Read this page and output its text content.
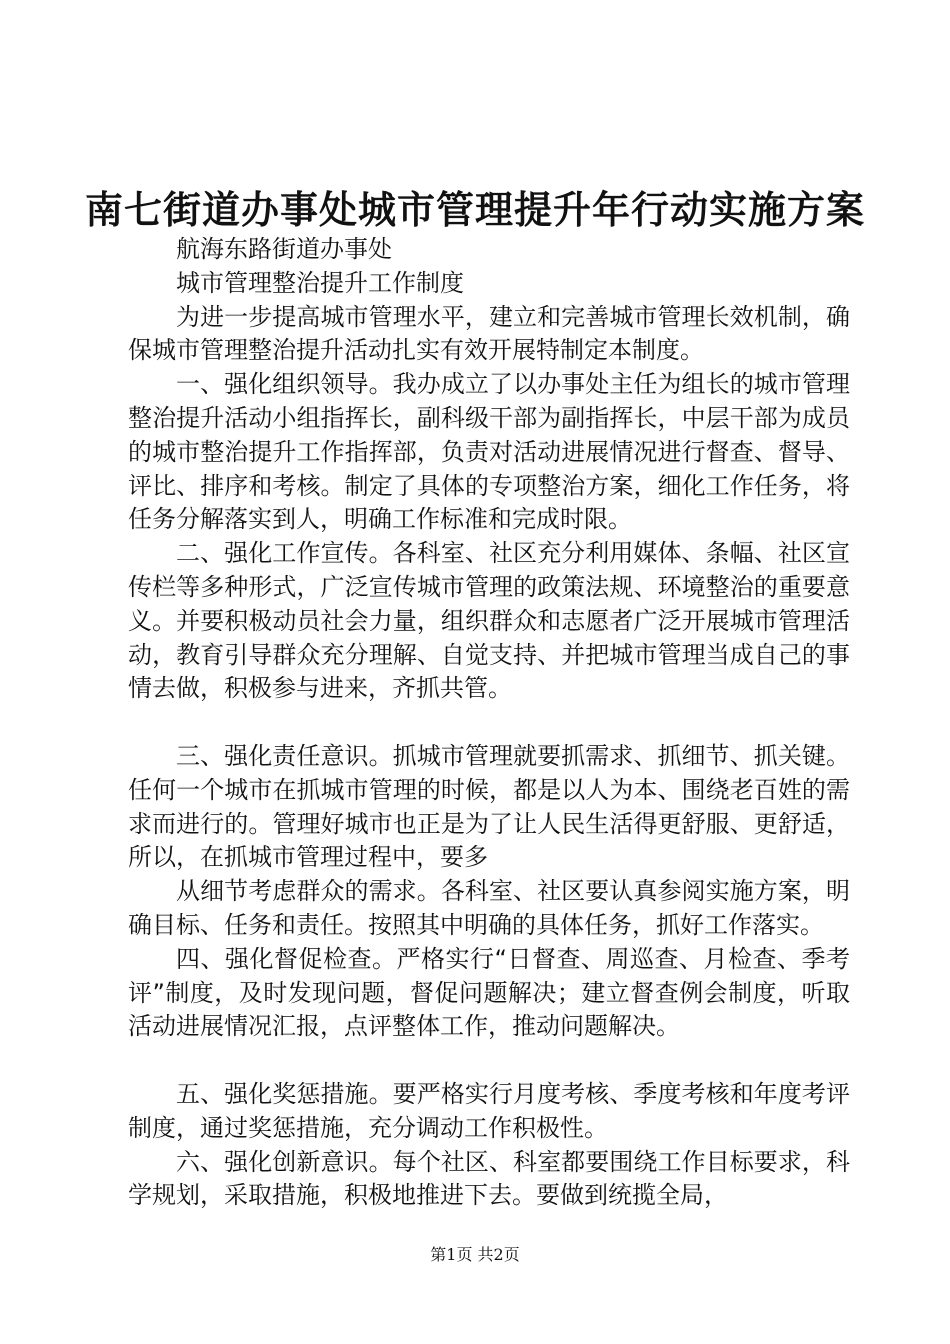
南七街道办事处城市管理提升年行动实施方案

航海东路街道办事处

城市管理整治提升工作制度

为进一步提高城市管理水平，建立和完善城市管理长效机制，确保城市管理整治提升活动扎实有效开展特制定本制度。

一、强化组织领导。我办成立了以办事处主任为组长的城市管理整治提升活动小组指挥长，副科级干部为副指挥长，中层干部为成员的城市整治提升工作指挥部，负责对活动进展情况进行督查、督导、评比、排序和考核。制定了具体的专项整治方案，细化工作任务，将任务分解落实到人，明确工作标准和完成时限。

二、强化工作宣传。各科室、社区充分利用媒体、条幅、社区宣传栏等多种形式，广泛宣传城市管理的政策法规、环境整治的重要意义。并要积极动员社会力量，组织群众和志愿者广泛开展城市管理活动，教育引导群众充分理解、自觉支持、并把城市管理当成自己的事情去做，积极参与进来，齐抓共管。

三、强化责任意识。抓城市管理就要抓需求、抓细节、抓关键。任何一个城市在抓城市管理的时候，都是以人为本、围绕老百姓的需求而进行的。管理好城市也正是为了让人民生活得更舒服、更舒适，所以，在抓城市管理过程中，要多

从细节考虑群众的需求。各科室、社区要认真参阅实施方案，明确目标、任务和责任。按照其中明确的具体任务，抓好工作落实。

四、强化督促检查。严格实行“日督查、周巡查、月检查、季考评”制度，及时发现问题，督促问题解决；建立督查例会制度，听取活动进展情况汇报，点评整体工作，推动问题解决。

五、强化奖惩措施。要严格实行月度考核、季度考核和年度考评制度，通过奖惩措施，充分调动工作积极性。

六、强化创新意识。每个社区、科室都要围绕工作目标要求，科学规划，采取措施，积极地推进下去。要做到统揽全局，

第1页 共2页
